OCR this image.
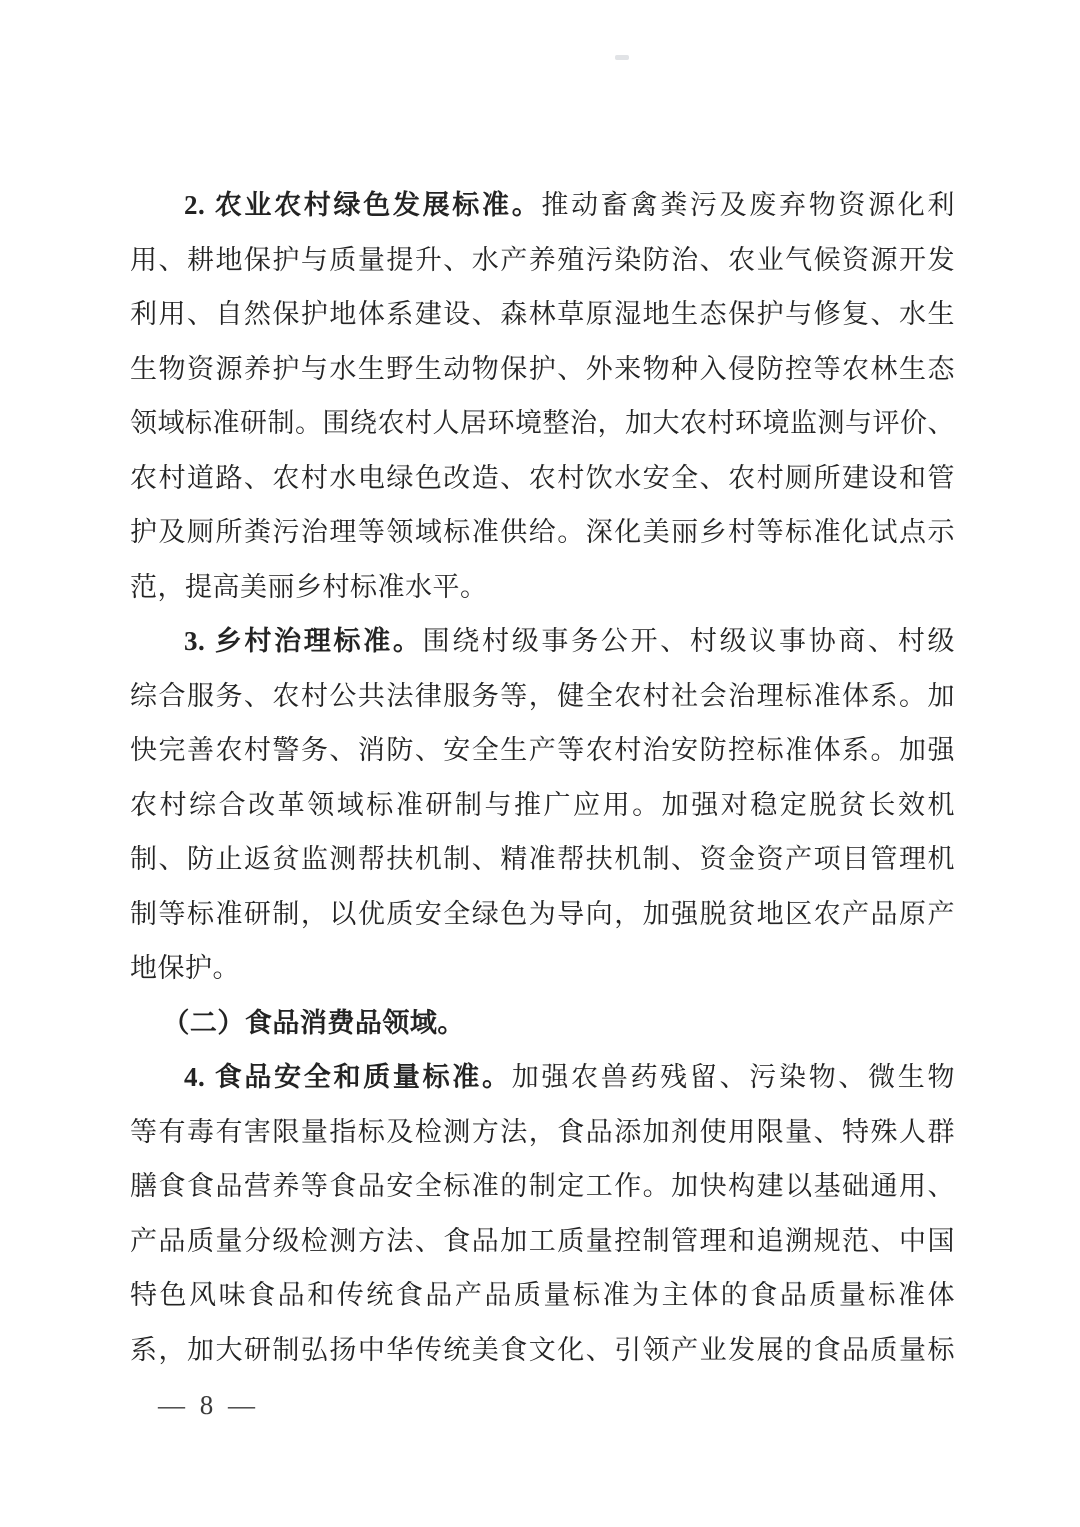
2. 农业农村绿色发展标准。推动畜禽粪污及废弃物资源化利
用、耕地保护与质量提升、水产养殖污染防治、农业气候资源开发
利用、自然保护地体系建设、森林草原湿地生态保护与修复、水生
生物资源养护与水生野生动物保护、外来物种入侵防控等农林生态
领域标准研制。围绕农村人居环境整治，加大农村环境监测与评价、
农村道路、农村水电绿色改造、农村饮水安全、农村厕所建设和管
护及厕所粪污治理等领域标准供给。深化美丽乡村等标准化试点示
范，提高美丽乡村标准水平。
3. 乡村治理标准。围绕村级事务公开、村级议事协商、村级
综合服务、农村公共法律服务等，健全农村社会治理标准体系。加
快完善农村警务、消防、安全生产等农村治安防控标准体系。加强
农村综合改革领域标准研制与推广应用。加强对稳定脱贫长效机
制、防止返贫监测帮扶机制、精准帮扶机制、资金资产项目管理机
制等标准研制，以优质安全绿色为导向，加强脱贫地区农产品原产
地保护。
（二）食品消费品领域。
4. 食品安全和质量标准。加强农兽药残留、污染物、微生物
等有毒有害限量指标及检测方法，食品添加剂使用限量、特殊人群
膳食食品营养等食品安全标准的制定工作。加快构建以基础通用、
产品质量分级检测方法、食品加工质量控制管理和追溯规范、中国
特色风味食品和传统食品产品质量标准为主体的食品质量标准体
系，加大研制弘扬中华传统美食文化、引领产业发展的食品质量标
— 8 —
